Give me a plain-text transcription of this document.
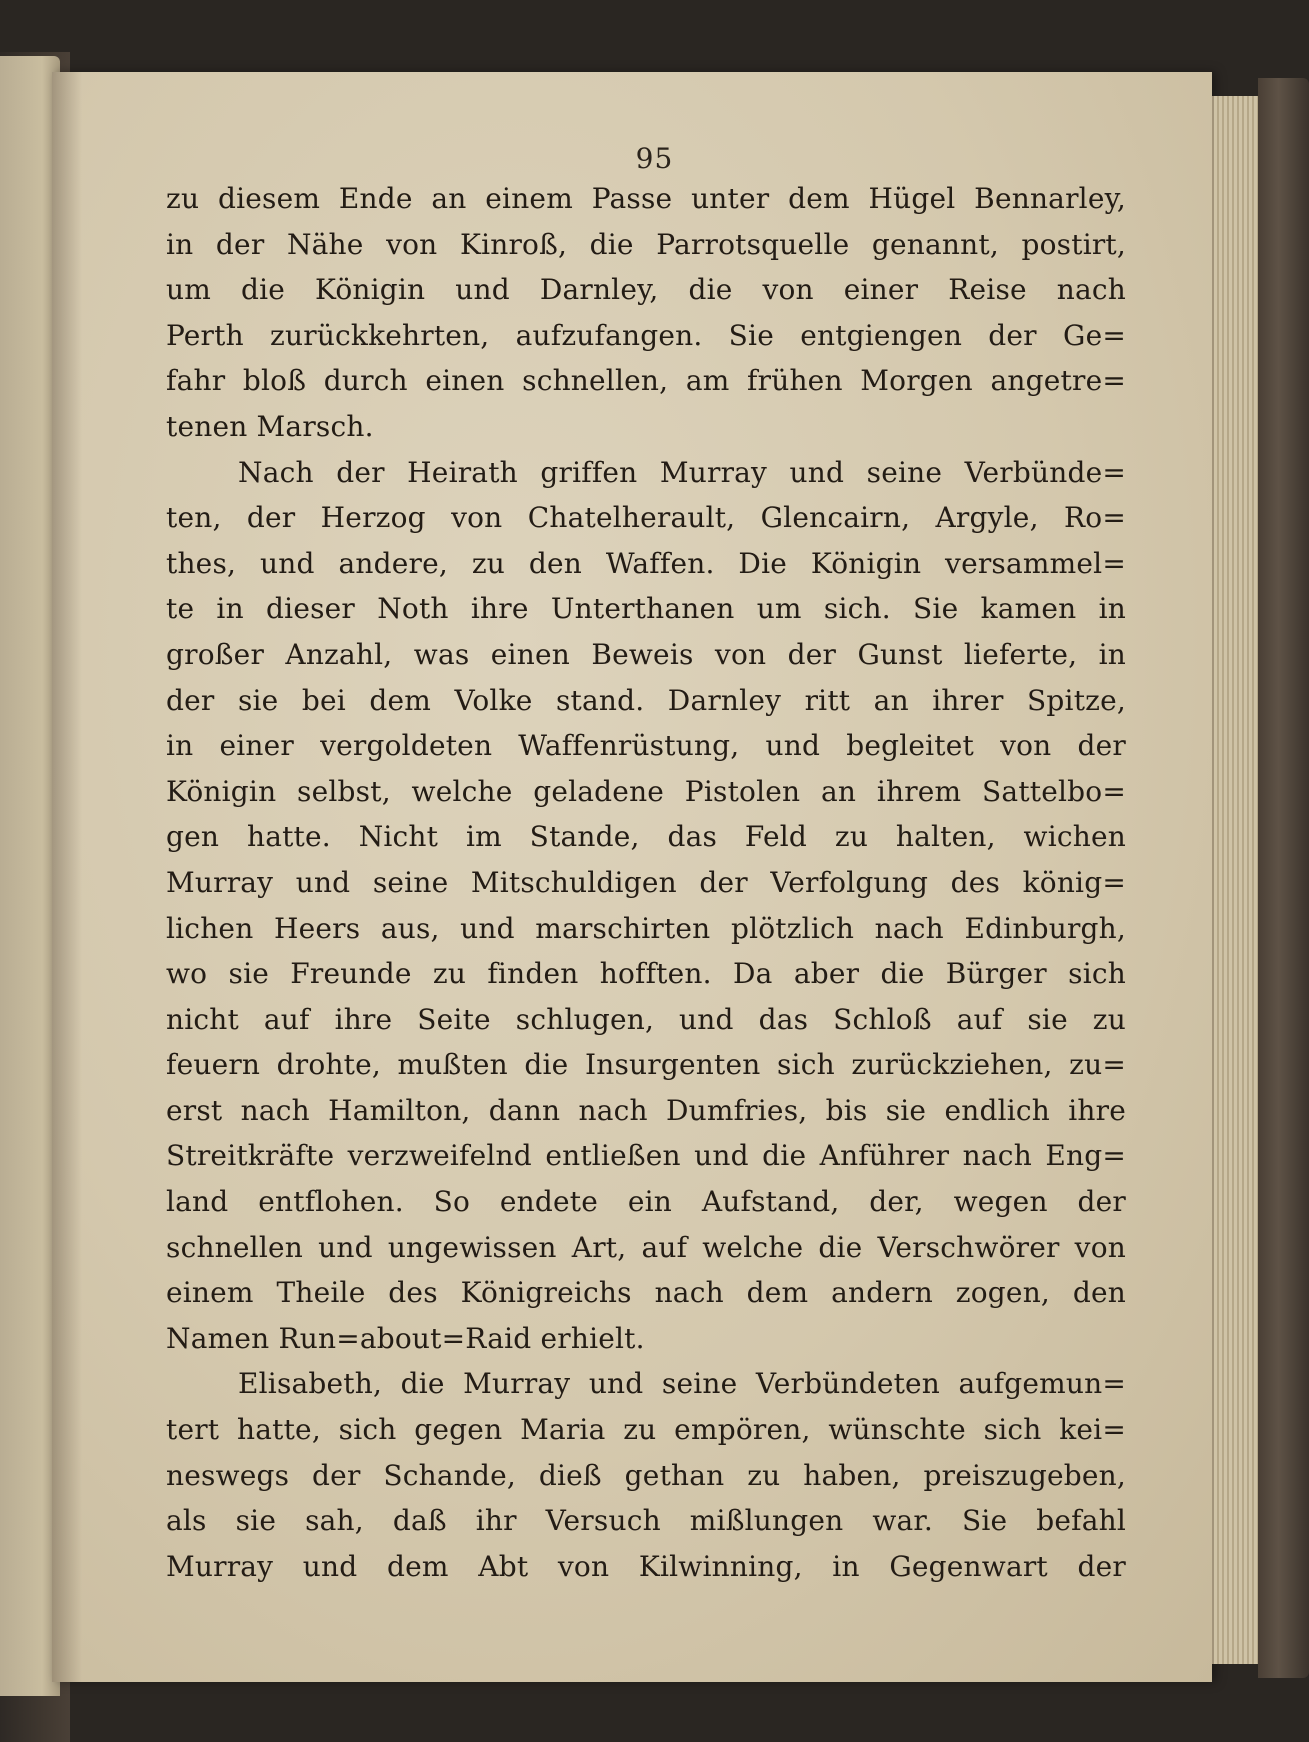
95
zu diesem Ende an einem Passe unter dem Hügel Bennarley,
in der Nähe von Kinroß, die Parrotsquelle genannt, postirt,
um die Königin und Darnley, die von einer Reise nach
Perth zurückkehrten, aufzufangen. Sie entgiengen der Ge=
fahr bloß durch einen schnellen, am frühen Morgen angetre=
tenen Marsch.
Nach der Heirath griffen Murray und seine Verbünde=
ten, der Herzog von Chatelherault, Glencairn, Argyle, Ro=
thes, und andere, zu den Waffen. Die Königin versammel=
te in dieser Noth ihre Unterthanen um sich. Sie kamen in
großer Anzahl, was einen Beweis von der Gunst lieferte, in
der sie bei dem Volke stand. Darnley ritt an ihrer Spitze,
in einer vergoldeten Waffenrüstung, und begleitet von der
Königin selbst, welche geladene Pistolen an ihrem Sattelbo=
gen hatte. Nicht im Stande, das Feld zu halten, wichen
Murray und seine Mitschuldigen der Verfolgung des könig=
lichen Heers aus, und marschirten plötzlich nach Edinburgh,
wo sie Freunde zu finden hofften. Da aber die Bürger sich
nicht auf ihre Seite schlugen, und das Schloß auf sie zu
feuern drohte, mußten die Insurgenten sich zurückziehen, zu=
erst nach Hamilton, dann nach Dumfries, bis sie endlich ihre
Streitkräfte verzweifelnd entließen und die Anführer nach Eng=
land entflohen. So endete ein Aufstand, der, wegen der
schnellen und ungewissen Art, auf welche die Verschwörer von
einem Theile des Königreichs nach dem andern zogen, den
Namen Run=about=Raid erhielt.
Elisabeth, die Murray und seine Verbündeten aufgemun=
tert hatte, sich gegen Maria zu empören, wünschte sich kei=
neswegs der Schande, dieß gethan zu haben, preiszugeben,
als sie sah, daß ihr Versuch mißlungen war. Sie befahl
Murray und dem Abt von Kilwinning, in Gegenwart der
